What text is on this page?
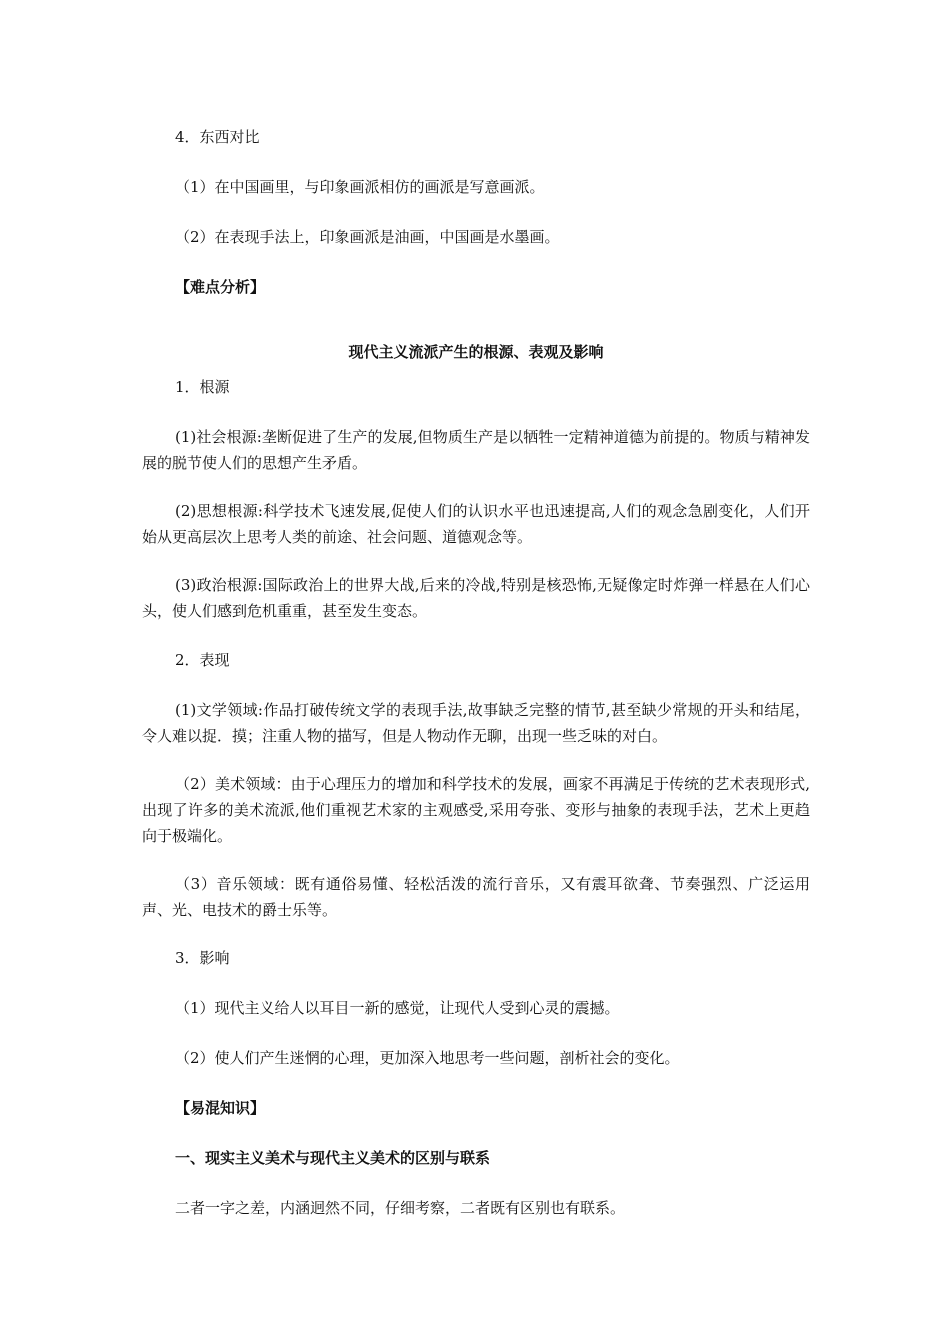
4．东西对比

（1）在中国画里，与印象画派相仿的画派是写意画派。

（2）在表现手法上，印象画派是油画，中国画是水墨画。

【难点分析】

现代主义流派产生的根源、表观及影响

1．根源

(1)社会根源:垄断促进了生产的发展,但物质生产是以牺牲一定精神道德为前提的。物质与精神发展的脱节使人们的思想产生矛盾。

(2)思想根源:科学技术飞速发展,促使人们的认识水平也迅速提高,人们的观念急剧变化，人们开始从更高层次上思考人类的前途、社会问题、道德观念等。

(3)政治根源:国际政治上的世界大战,后来的冷战,特别是核恐怖,无疑像定时炸弹一样悬在人们心头，使人们感到危机重重，甚至发生变态。

2．表现

(1)文学领域:作品打破传统文学的表现手法,故事缺乏完整的情节,甚至缺少常规的开头和结尾，令人难以捉．摸；注重人物的描写，但是人物动作无聊，出现一些乏味的对白。

（2）美术领域：由于心理压力的增加和科学技术的发展，画家不再满足于传统的艺术表现形式,出现了许多的美术流派,他们重视艺术家的主观感受,采用夸张、变形与抽象的表现手法，艺术上更趋向于极端化。

（3）音乐领域：既有通俗易懂、轻松活泼的流行音乐，又有震耳欲聋、节奏强烈、广泛运用声、光、电技术的爵士乐等。

3．影响

（1）现代主义给人以耳目一新的感觉，让现代人受到心灵的震撼。

（2）使人们产生迷惘的心理，更加深入地思考一些问题，剖析社会的变化。

【易混知识】

一、现实主义美术与现代主义美术的区别与联系

二者一字之差，内涵迥然不同，仔细考察，二者既有区别也有联系。
